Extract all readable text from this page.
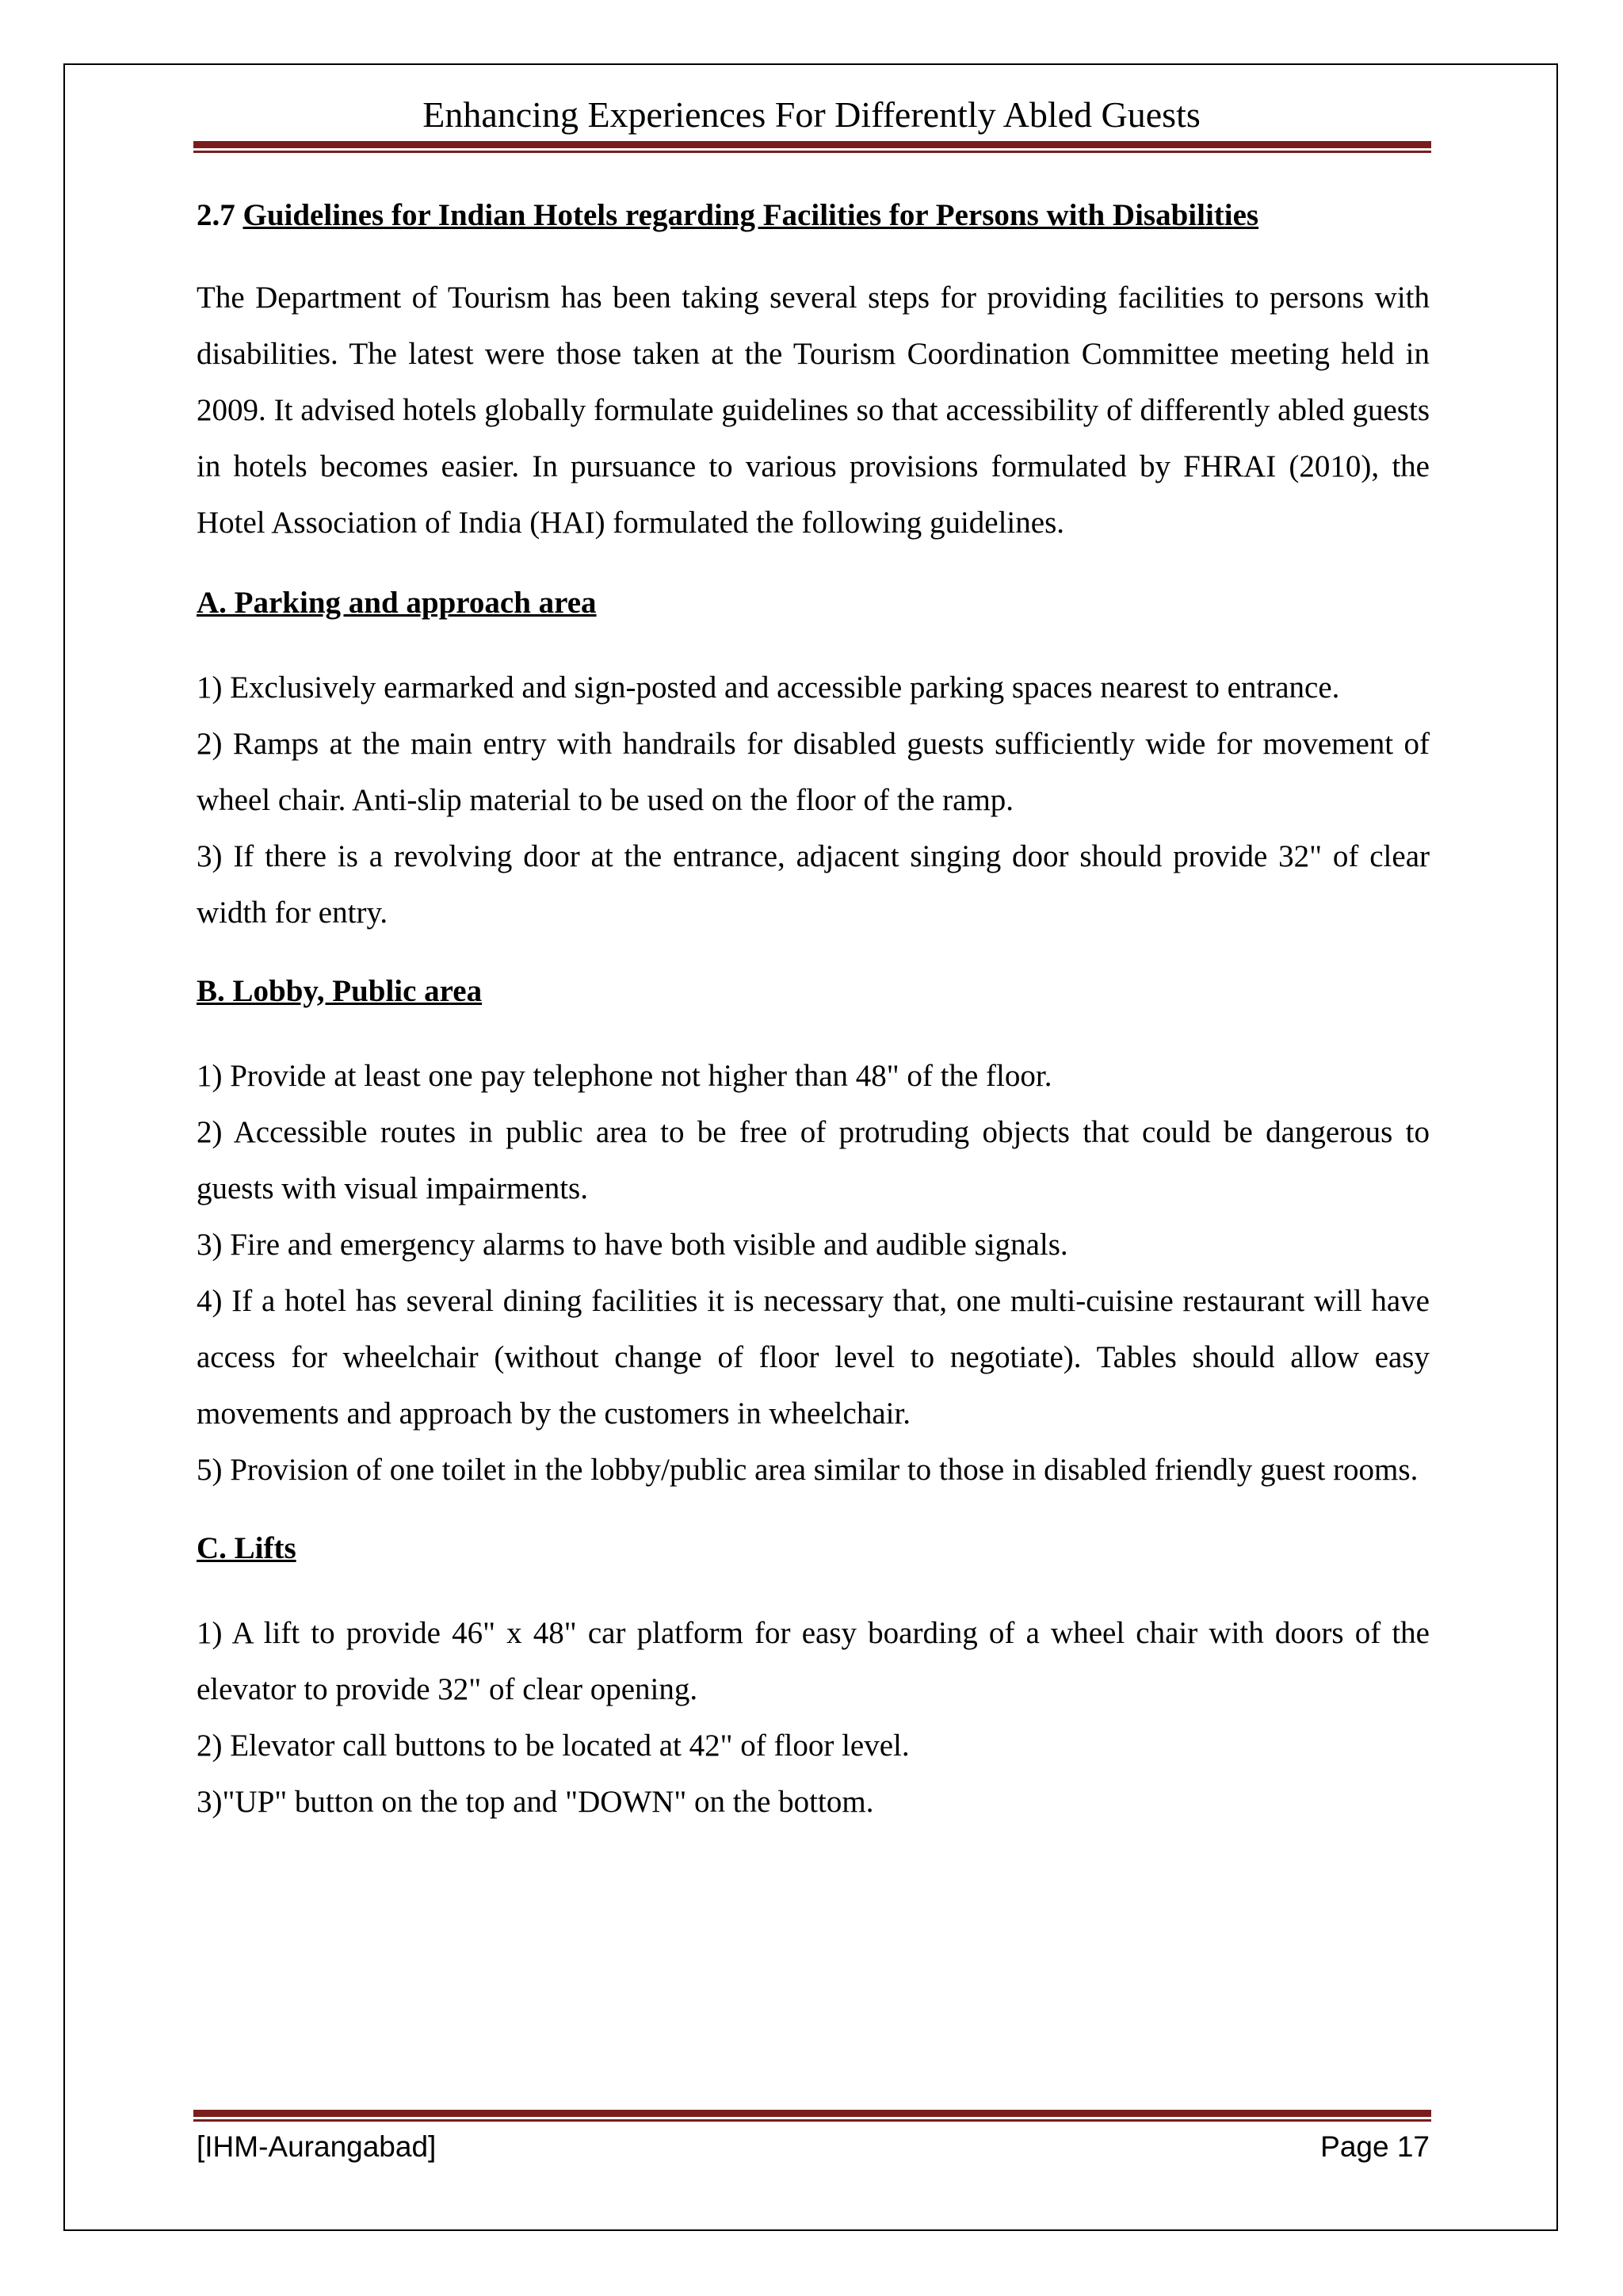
Enhancing Experiences For Differently Abled Guests

2.7 Guidelines for Indian Hotels regarding Facilities for Persons with Disabilities

The Department of Tourism has been taking several steps for providing facilities to persons with disabilities. The latest were those taken at the Tourism Coordination Committee meeting held in 2009. It advised hotels globally formulate guidelines so that accessibility of differently abled guests in hotels becomes easier. In pursuance to various provisions formulated by FHRAI (2010), the Hotel Association of India (HAI) formulated the following guidelines.

A. Parking and approach area

1) Exclusively earmarked and sign-posted and accessible parking spaces nearest to entrance.

2) Ramps at the main entry with handrails for disabled guests sufficiently wide for movement of wheel chair. Anti-slip material to be used on the floor of the ramp.

3) If there is a revolving door at the entrance, adjacent singing door should provide 32" of clear width for entry.

B. Lobby, Public area

1) Provide at least one pay telephone not higher than 48" of the floor.

2) Accessible routes in public area to be free of protruding objects that could be dangerous to guests with visual impairments.

3) Fire and emergency alarms to have both visible and audible signals.

4) If a hotel has several dining facilities it is necessary that, one multi-cuisine restaurant will have access for wheelchair (without change of floor level to negotiate). Tables should allow easy movements and approach by the customers in wheelchair.

5) Provision of one toilet in the lobby/public area similar to those in disabled friendly guest rooms.

C. Lifts

1) A lift to provide 46" x 48" car platform for easy boarding of a wheel chair with doors of the elevator to provide 32" of clear opening.

2) Elevator call buttons to be located at 42" of floor level.

3)"UP" button on the top and "DOWN" on the bottom.

[IHM-Aurangabad]	Page 17
